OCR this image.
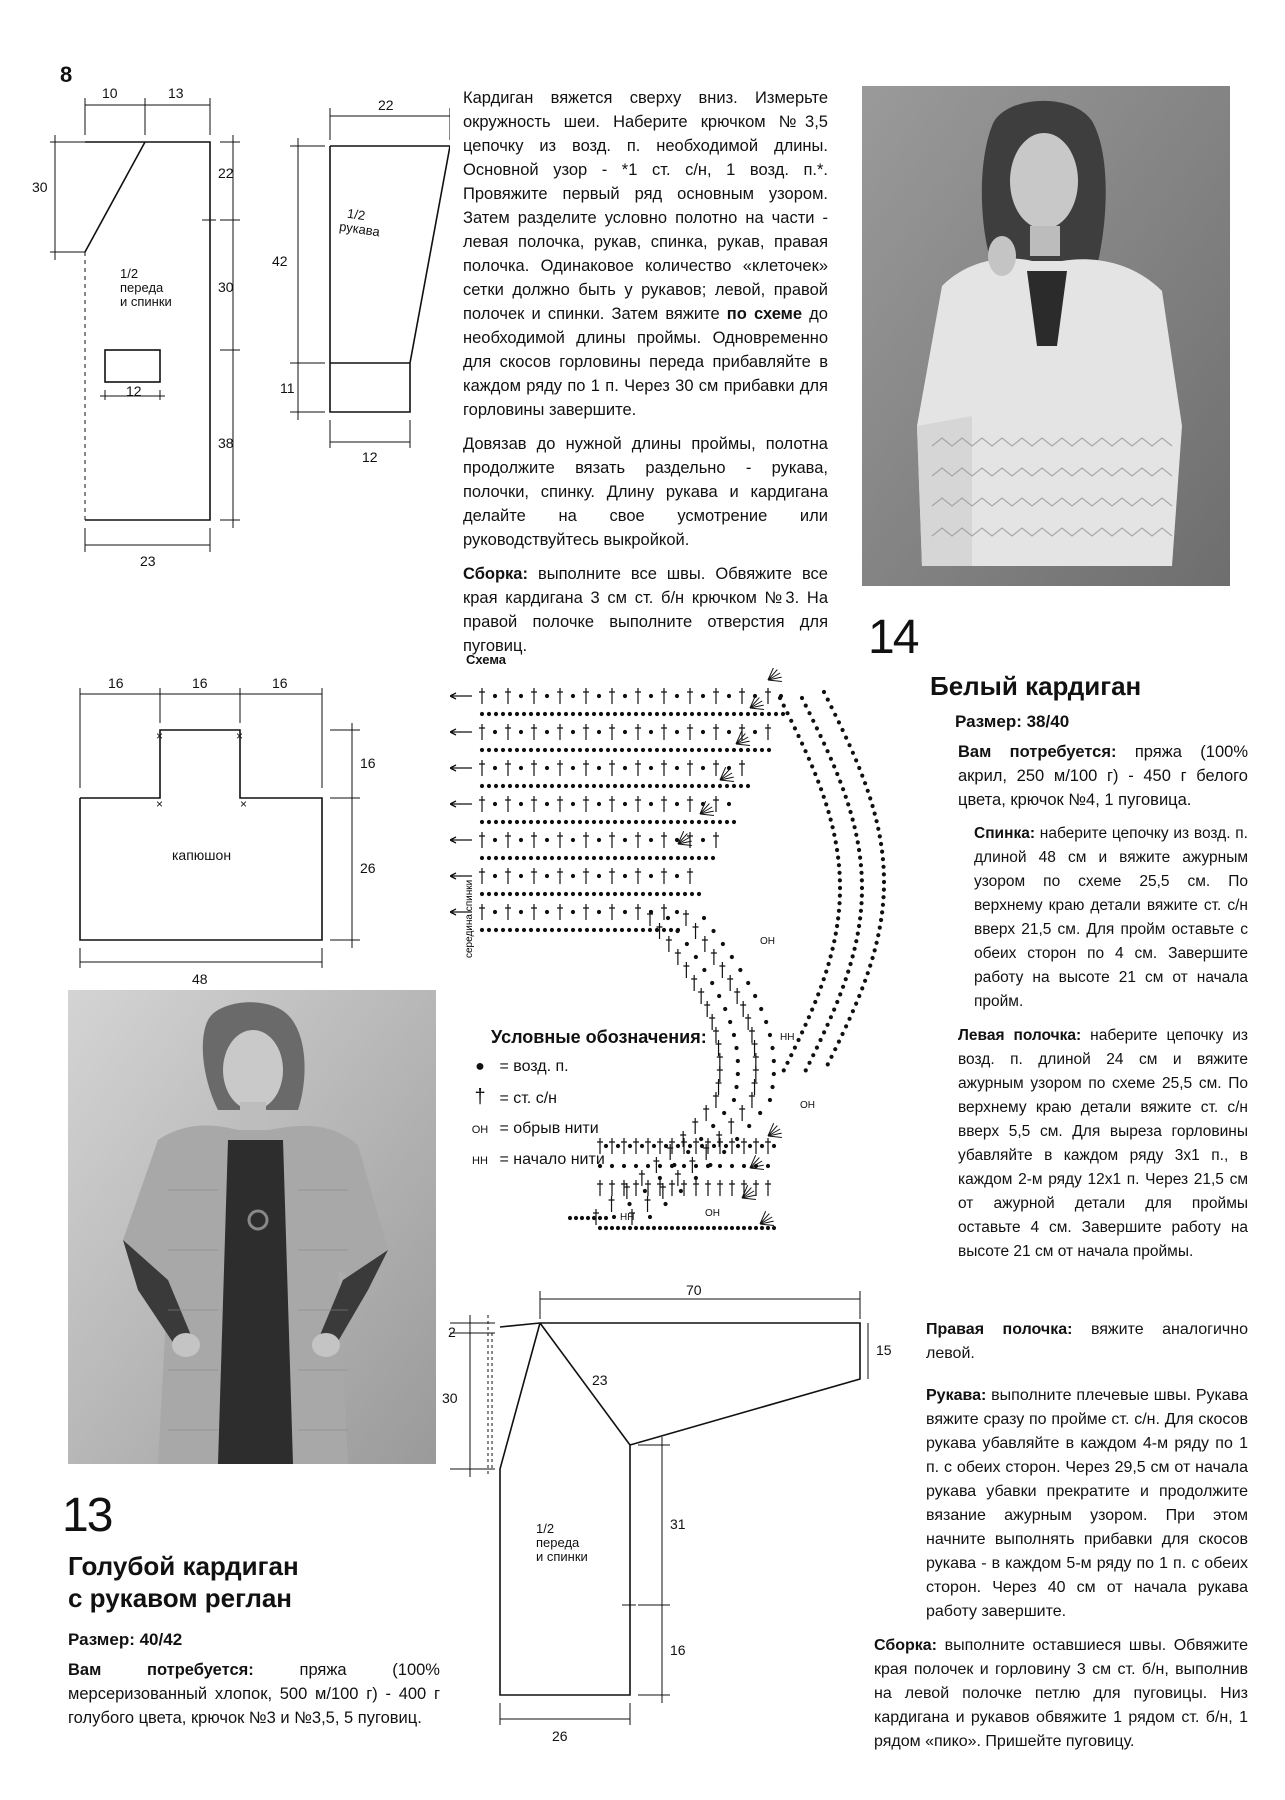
8
10	13
30
22
30
38
23
12
1/2
переда
и спинки
22
42
11
12
1/2
рукава
16	16	16
16
26
48
капюшон
×
×	×
×
13
Голубой кардиган
с рукавом реглан
Размер: 40/42
Вам потребуется: пряжа (100% мерсеризованный хлопок, 500 м/100 г) - 400 г голубого цвета, крючок №3 и №3,5, 5 пуговиц.

Кардиган вяжется сверху вниз. Измерьте окружность шеи. Наберите крючком №3,5 цепочку из возд. п. необходимой длины. Основной узор - *1 ст. с/н, 1 возд. п.*. Провяжите первый ряд основным узором. Затем разделите условно полотно на части - левая полочка, рукав, спинка, рукав, правая полочка. Одинаковое количество «клеточек» сетки должно быть у рукавов; левой, правой полочек и спинки. Затем вяжите по схеме до необходимой длины проймы. Одновременно для скосов горловины переда прибавляйте в каждом ряду по 1 п. Через 30 см прибавки для горловины завершите.

Довязав до нужной длины проймы, полотна продолжите вязать раздельно - рукава, полочки, спинку. Длину рукава и кардигана делайте на свое усмотрение или руководствуйтесь выкройкой.

Сборка: выполните все швы. Обвяжите все края кардигана 3 см ст. б/н крючком №3. На правой полочке выполните отверстия для пуговиц.	14
Белый кардиган
Размер: 38/40

Вам потребуется: пряжа (100% акрил, 250 м/100 г) - 450 г белого цвета, крючок №4, 1 пуговица.

Спинка: наберите цепочку из возд. п. длиной 48 см и вяжите ажурным узором по схеме 25,5 см. По верхнему краю детали вяжите ст. с/н вверх 21,5 см. Для пройм оставьте с обеих сторон по 4 см. Завершите работу на высоте 21 см от начала пройм.

Левая полочка: наберите цепочку из возд. п. длиной 24 см и вяжите ажурным узором по схеме 25,5 см. По верхнему краю детали вяжите ст. с/н вверх 5,5 см. Для выреза горловины убавляйте в каждом ряду 3х1 п., в каждом 2-м ряду 12х1 п. Через 21,5 см от ажурной детали для проймы оставьте 4 см. Завершите работу на высоте 21 см от начала проймы.

Правая полочка: вяжите аналогично левой.

Рукава: выполните плечевые швы. Рукава вяжите сразу по пройме ст. с/н. Для скосов рукава убавляйте в каждом 4-м ряду по 1 п. с обеих сторон. Через 29,5 см от начала рукава убавки прекратите и продолжите вязание ажурным узором. При этом начните выполнять прибавки для скосов рукава - в каждом 5-м ряду по 1 п. с обеих сторон. Через 40 см от начала рукава работу завершите.

Сборка: выполните оставшиеся швы. Обвяжите края полочек и горловину 3 см ст. б/н, выполнив на левой полочке петлю для пуговицы. Низ кардигана и рукавов обвяжите 1 рядом ст. б/н, 1 рядом «пико». Пришейте пуговицу.

Схема
ОН
НН
ОН
ОН
НН
середина спинки
Условные обозначения:
● = возд. п.
† = ст. с/н
ОН = обрыв нити
НН = начало нити
70
2
30
23
15
31
16
26
1/2
переда
и спинки
